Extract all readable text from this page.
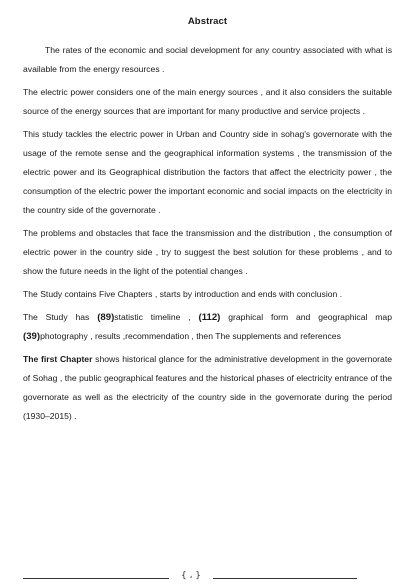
Abstract

The rates of the economic and social development for any country associated with what is available from the energy resources .

The electric power considers one of the main energy sources , and it also considers the suitable source of the energy sources that are important for many productive and service projects .

This study tackles the electric power in Urban and Country side in sohag's governorate with the usage of the remote sense and the geographical information systems , the transmission of the electric power and its Geographical distribution the factors that affect the electricity power , the consumption of the electric power the important economic and social impacts on the electricity in the country side of the governorate .

The problems and obstacles that face the transmission and the distribution , the consumption of electric power in the country side , try to suggest the best solution for these problems , and to show the future needs in the light of the potential changes .

The Study contains Five Chapters , starts by introduction and ends with conclusion .

The Study has (89)statistic timeline , (112) graphical form and geographical map (39)photography , results ,recommendation , then The supplements and references

The first Chapter shows historical glance for the administrative development in the governorate of Sohag , the public geographical features and the historical phases of electricity entrance of the governorate as well as the electricity of the country side in the governorate during the period (1930–2015) .

{ ، }
